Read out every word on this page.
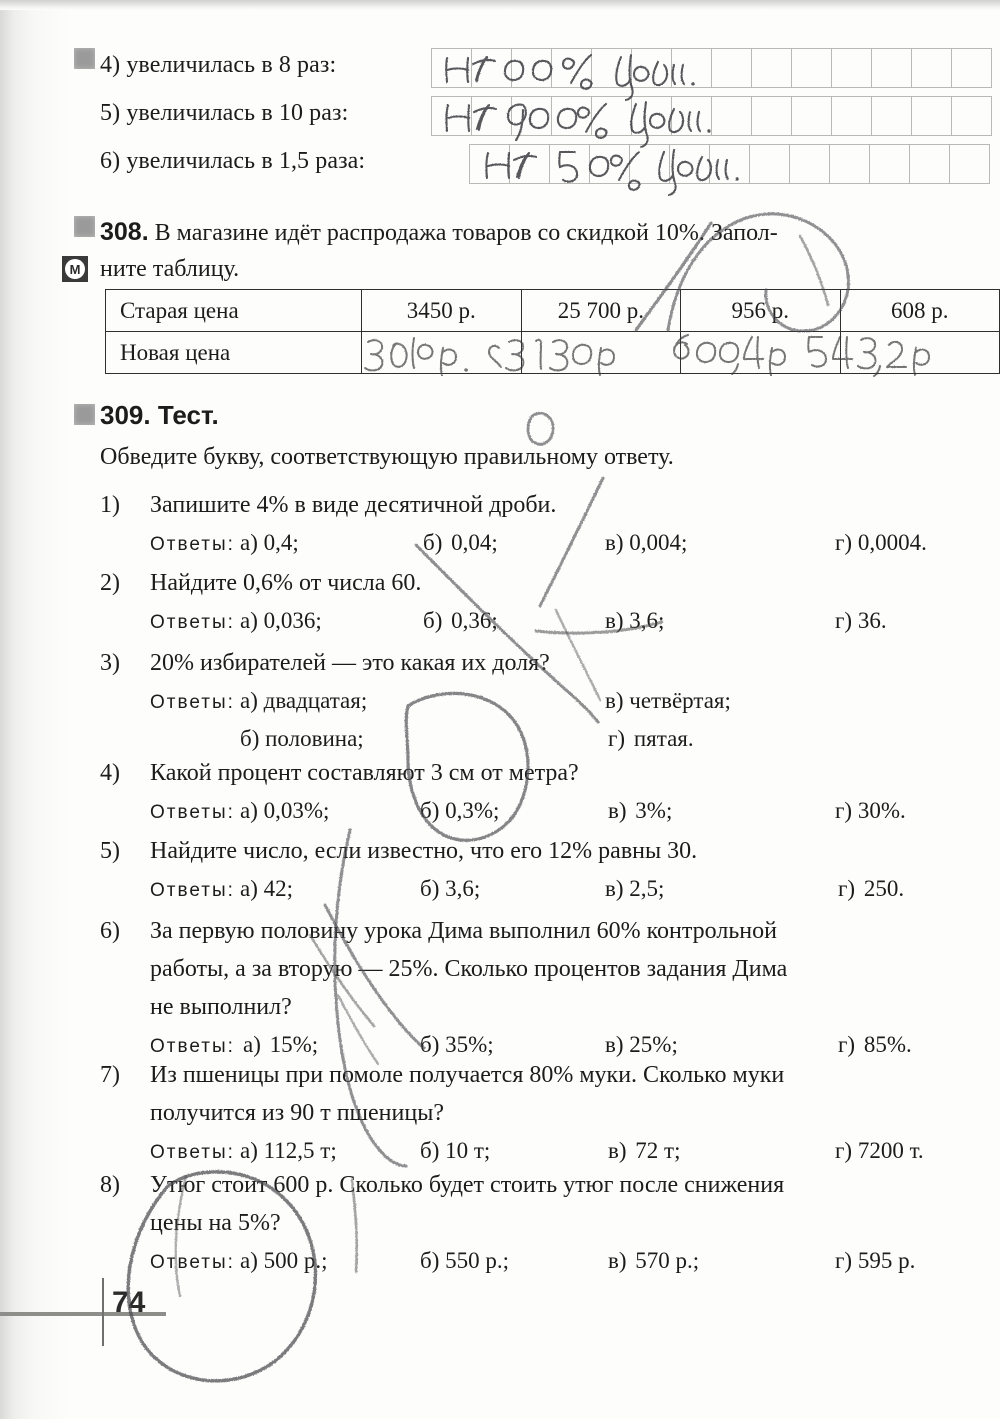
4) увеличилась в 8 раз:
5) увеличилась в 10 раз:
6) увеличилась в 1,5 раза:
308. В магазине идёт распродажа товаров со скидкой 10%. Запол-
М ните таблицу.
Старая цена	3450 р.	25 700 р.	956 р.	608 р.
Новая цена				
309. Тест.
Обведите букву, соответствующую правильному ответу.
1) Запишите 4% в виде десятичной дроби.
Ответы: а) 0,4;	б) 0,04;	в) 0,004;	г) 0,0004.
2) Найдите 0,6% от числа 60.
Ответы: а) 0,036;	б) 0,36;	в) 3,6;	г) 36.
3) 20% избирателей — это какая их доля?
Ответы: а) двадцатая;	в) четвёртая;
б) половина;	г) пятая.
4) Какой процент составляют 3 см от метра?
Ответы: а) 0,03%;	б) 0,3%;	в) 3%;	г) 30%.
5) Найдите число, если известно, что его 12% равны 30.
Ответы: а) 42;	б) 3,6;	в) 2,5;	г) 250.
6) За первую половину урока Дима выполнил 60% контрольной
работы, а за вторую — 25%. Сколько процентов задания Дима
не выполнил?
Ответы: а) 15%;	б) 35%;	в) 25%;	г) 85%.
7) Из пшеницы при помоле получается 80% муки. Сколько муки
получится из 90 т пшеницы?
Ответы: а) 112,5 т;	б) 10 т;	в) 72 т;	г) 7200 т.
8) Утюг стоит 600 р. Сколько будет стоить утюг после снижения
цены на 5%?
Ответы: а) 500 р.;	б) 550 р.;	в) 570 р.;	г) 595 р.
74
